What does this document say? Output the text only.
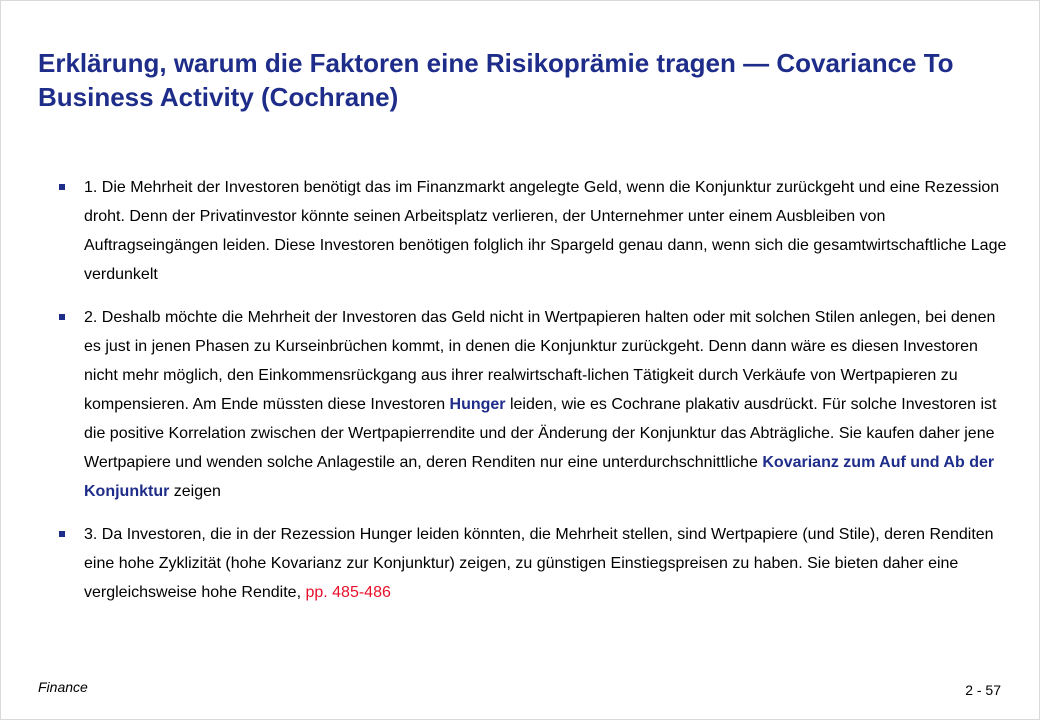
Erklärung, warum die Faktoren eine Risikoprämie tragen — Covariance To Business Activity (Cochrane)
1. Die Mehrheit der Investoren benötigt das im Finanzmarkt angelegte Geld, wenn die Konjunktur zurückgeht und eine Rezession droht. Denn der Privatinvestor könnte seinen Arbeitsplatz verlieren, der Unternehmer unter einem Ausbleiben von Auftragseingängen leiden. Diese Investoren benötigen folglich ihr Spargeld genau dann, wenn sich die gesamtwirtschaftliche Lage verdunkelt
2. Deshalb möchte die Mehrheit der Investoren das Geld nicht in Wertpapieren halten oder mit solchen Stilen anlegen, bei denen es just in jenen Phasen zu Kurseinbrüchen kommt, in denen die Konjunktur zurückgeht. Denn dann wäre es diesen Investoren nicht mehr möglich, den Einkommensrückgang aus ihrer realwirtschaft-lichen Tätigkeit durch Verkäufe von Wertpapieren zu kompensieren. Am Ende müssten diese Investoren Hunger leiden, wie es Cochrane plakativ ausdrückt. Für solche Investoren ist die positive Korrelation zwischen der Wertpapierrendite und der Änderung der Konjunktur das Abträgliche. Sie kaufen daher jene Wertpapiere und wenden solche Anlagestile an, deren Renditen nur eine unterdurchschnittliche Kovarianz zum Auf und Ab der Konjunktur zeigen
3. Da Investoren, die in der Rezession Hunger leiden könnten, die Mehrheit stellen, sind Wertpapiere (und Stile), deren Renditen eine hohe Zyklizität (hohe Kovarianz zur Konjunktur) zeigen, zu günstigen Einstiegspreisen zu haben. Sie bieten daher eine vergleichsweise hohe Rendite, pp. 485-486
Finance	2 - 57
